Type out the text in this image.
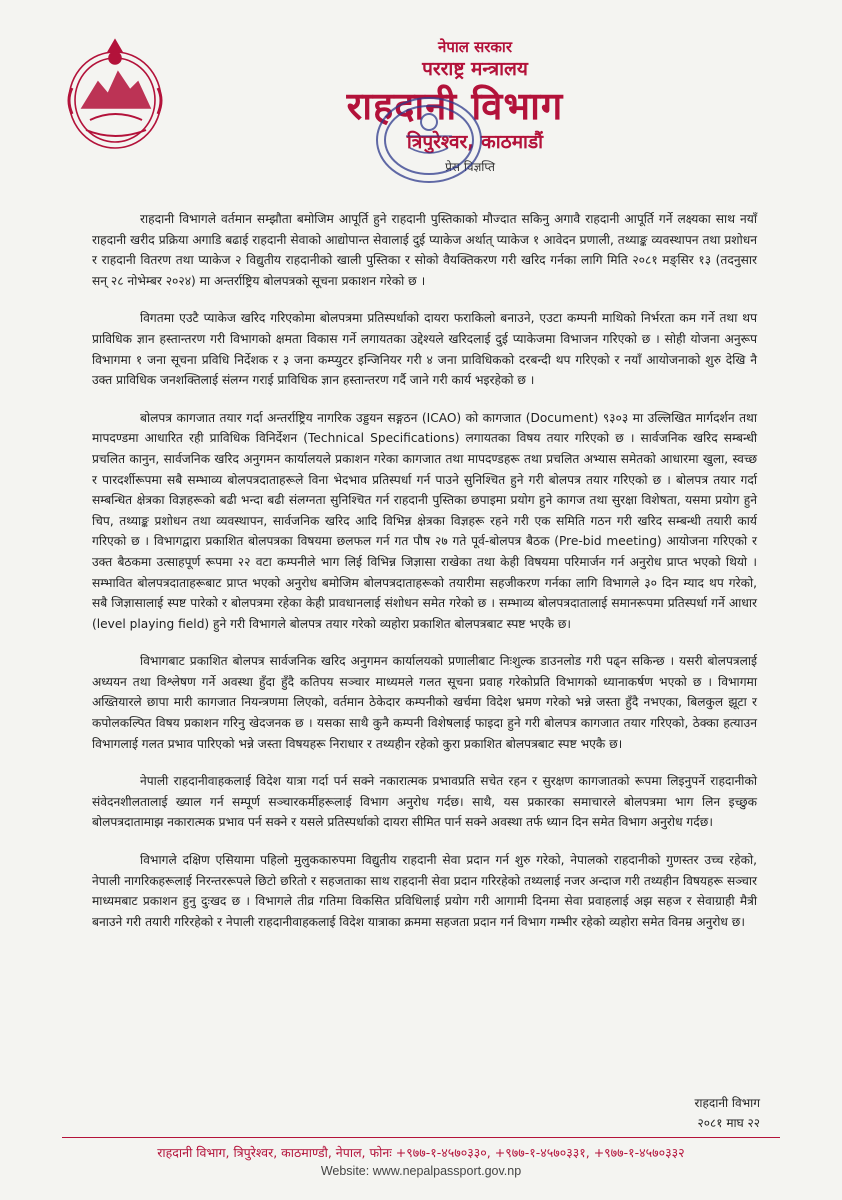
नेपाल सरकार
परराष्ट्र मन्त्रालय
राहदानी विभाग
त्रिपुरेश्वर, काठमाडौं
प्रेस विज्ञप्ति

राहदानी विभागले वर्तमान सम्झौता बमोजिम आपूर्ति हुने राहदानी पुस्तिकाको मौज्दात सकिनु अगावै राहदानी आपूर्ति गर्ने लक्ष्यका साथ नयाँ राहदानी खरीद प्रक्रिया अगाडि बढाई राहदानी सेवाको आद्योपान्त सेवालाई दुई प्याकेज अर्थात् प्याकेज १ आवेदन प्रणाली, तथ्याङ्क व्यवस्थापन तथा प्रशोधन र राहदानी वितरण तथा प्याकेज २ विद्युतीय राहदानीको खाली पुस्तिका र सोको वैयक्तिकरण गरी खरिद गर्नका लागि मिति २०८१ मङ्सिर १३ (तदनुसार सन् २८ नोभेम्बर २०२४) मा अन्तर्राष्ट्रिय बोलपत्रको सूचना प्रकाशन गरेको छ ।

विगतमा एउटै प्याकेज खरिद गरिएकोमा बोलपत्रमा प्रतिस्पर्धाको दायरा फराकिलो बनाउने, एउटा कम्पनी माथिको निर्भरता कम गर्ने तथा थप प्राविधिक ज्ञान हस्तान्तरण गरी विभागको क्षमता विकास गर्ने लगायतका उद्देश्यले खरिदलाई दुई प्याकेजमा विभाजन गरिएको छ । सोही योजना अनुरूप विभागमा १ जना सूचना प्रविधि निर्देशक र ३ जना कम्प्युटर इन्जिनियर गरी ४ जना प्राविधिकको दरबन्दी थप गरिएको र नयाँ आयोजनाको शुरु देखि नै उक्त प्राविधिक जनशक्तिलाई संलग्न गराई प्राविधिक ज्ञान हस्तान्तरण गर्दै जाने गरी कार्य भइरहेको छ ।

बोलपत्र कागजात तयार गर्दा अन्तर्राष्ट्रिय नागरिक उड्डयन सङ्गठन (ICAO) को कागजात (Document) ९३०३ मा उल्लिखित मार्गदर्शन तथा मापदण्डमा आधारित रही प्राविधिक विनिर्देशन (Technical Specifications) लगायतका विषय तयार गरिएको छ । सार्वजनिक खरिद सम्बन्धी प्रचलित कानुन, सार्वजनिक खरिद अनुगमन कार्यालयले प्रकाशन गरेका कागजात तथा मापदण्डहरू तथा प्रचलित अभ्यास समेतको आधारमा खुला, स्वच्छ र पारदर्शीरूपमा सबै सम्भाव्य बोलपत्रदाताहरूले विना भेदभाव प्रतिस्पर्धा गर्न पाउने सुनिश्चित हुने गरी बोलपत्र तयार गरिएको छ । बोलपत्र तयार गर्दा सम्बन्धित क्षेत्रका विज्ञहरूको बढी भन्दा बढी संलग्नता सुनिश्चित गर्न राहदानी पुस्तिका छपाइमा प्रयोग हुने कागज तथा सुरक्षा विशेषता, यसमा प्रयोग हुने चिप, तथ्याङ्क प्रशोधन तथा व्यवस्थापन, सार्वजनिक खरिद आदि विभिन्न क्षेत्रका विज्ञहरू रहने गरी एक समिति गठन गरी खरिद सम्बन्धी तयारी कार्य गरिएको छ । विभागद्वारा प्रकाशित बोलपत्रका विषयमा छलफल गर्न गत पौष २७ गते पूर्व-बोलपत्र बैठक (Pre-bid meeting) आयोजना गरिएको र उक्त बैठकमा उत्साहपूर्ण रूपमा २२ वटा कम्पनीले भाग लिई विभिन्न जिज्ञासा राखेका तथा केही विषयमा परिमार्जन गर्न अनुरोध प्राप्त भएको थियो । सम्भावित बोलपत्रदाताहरूबाट प्राप्त भएको अनुरोध बमोजिम बोलपत्रदाताहरूको तयारीमा सहजीकरण गर्नका लागि विभागले ३० दिन म्याद थप गरेको, सबै जिज्ञासालाई स्पष्ट पारेको र बोलपत्रमा रहेका केही प्रावधानलाई संशोधन समेत गरेको छ । सम्भाव्य बोलपत्रदातालाई समानरूपमा प्रतिस्पर्धा गर्ने आधार (level playing field) हुने गरी विभागले बोलपत्र तयार गरेको व्यहोरा प्रकाशित बोलपत्रबाट स्पष्ट भएकै छ।

विभागबाट प्रकाशित बोलपत्र सार्वजनिक खरिद अनुगमन कार्यालयको प्रणालीबाट निःशुल्क डाउनलोड गरी पढ्न सकिन्छ । यसरी बोलपत्रलाई अध्ययन तथा विश्लेषण गर्ने अवस्था हुँदा हुँदै कतिपय सञ्चार माध्यमले गलत सूचना प्रवाह गरेकोप्रति विभागको ध्यानाकर्षण भएको छ । विभागमा अख्तियारले छापा मारी कागजात नियन्त्रणमा लिएको, वर्तमान ठेकेदार कम्पनीको खर्चमा विदेश भ्रमण गरेको भन्ने जस्ता हुँदै नभएका, बिलकुल झूटा र कपोलकल्पित विषय प्रकाशन गरिनु खेदजनक छ । यसका साथै कुनै कम्पनी विशेषलाई फाइदा हुने गरी बोलपत्र कागजात तयार गरिएको, ठेक्का हत्याउन विभागलाई गलत प्रभाव पारिएको भन्ने जस्ता विषयहरू निराधार र तथ्यहीन रहेको कुरा प्रकाशित बोलपत्रबाट स्पष्ट भएकै छ।

नेपाली राहदानीवाहकलाई विदेश यात्रा गर्दा पर्न सक्ने नकारात्मक प्रभावप्रति सचेत रहन र सुरक्षण कागजातको रूपमा लिइनुपर्ने राहदानीको संवेदनशीलतालाई ख्याल गर्न सम्पूर्ण सञ्चारकर्मीहरूलाई विभाग अनुरोध गर्दछ। साथै, यस प्रकारका समाचारले बोलपत्रमा भाग लिन इच्छुक बोलपत्रदातामाझ नकारात्मक प्रभाव पर्न सक्ने र यसले प्रतिस्पर्धाको दायरा सीमित पार्न सक्ने अवस्था तर्फ ध्यान दिन समेत विभाग अनुरोध गर्दछ।

विभागले दक्षिण एसियामा पहिलो मुलुककारुपमा विद्युतीय राहदानी सेवा प्रदान गर्न शुरु गरेको, नेपालको राहदानीको गुणस्तर उच्च रहेको, नेपाली नागरिकहरूलाई निरन्तररूपले छिटो छरितो र सहजताका साथ राहदानी सेवा प्रदान गरिरहेको तथ्यलाई नजर अन्दाज गरी तथ्यहीन विषयहरू सञ्चार माध्यमबाट प्रकाशन हुनु दुःखद छ । विभागले तीव्र गतिमा विकसित प्रविधिलाई प्रयोग गरी आगामी दिनमा सेवा प्रवाहलाई अझ सहज र सेवाग्राही मैत्री बनाउने गरी तयारी गरिरहेको र नेपाली राहदानीवाहकलाई विदेश यात्राका क्रममा सहजता प्रदान गर्न विभाग गम्भीर रहेको व्यहोरा समेत विनम्र अनुरोध छ।

राहदानी विभाग
२०८१ माघ २२
राहदानी विभाग, त्रिपुरेश्वर, काठमाण्डौ, नेपाल, फोनः +९७७-१-४५७०३३०, +९७७-१-४५७०३३१, +९७७-१-४५७०३३२
Website: www.nepalpassport.gov.np
